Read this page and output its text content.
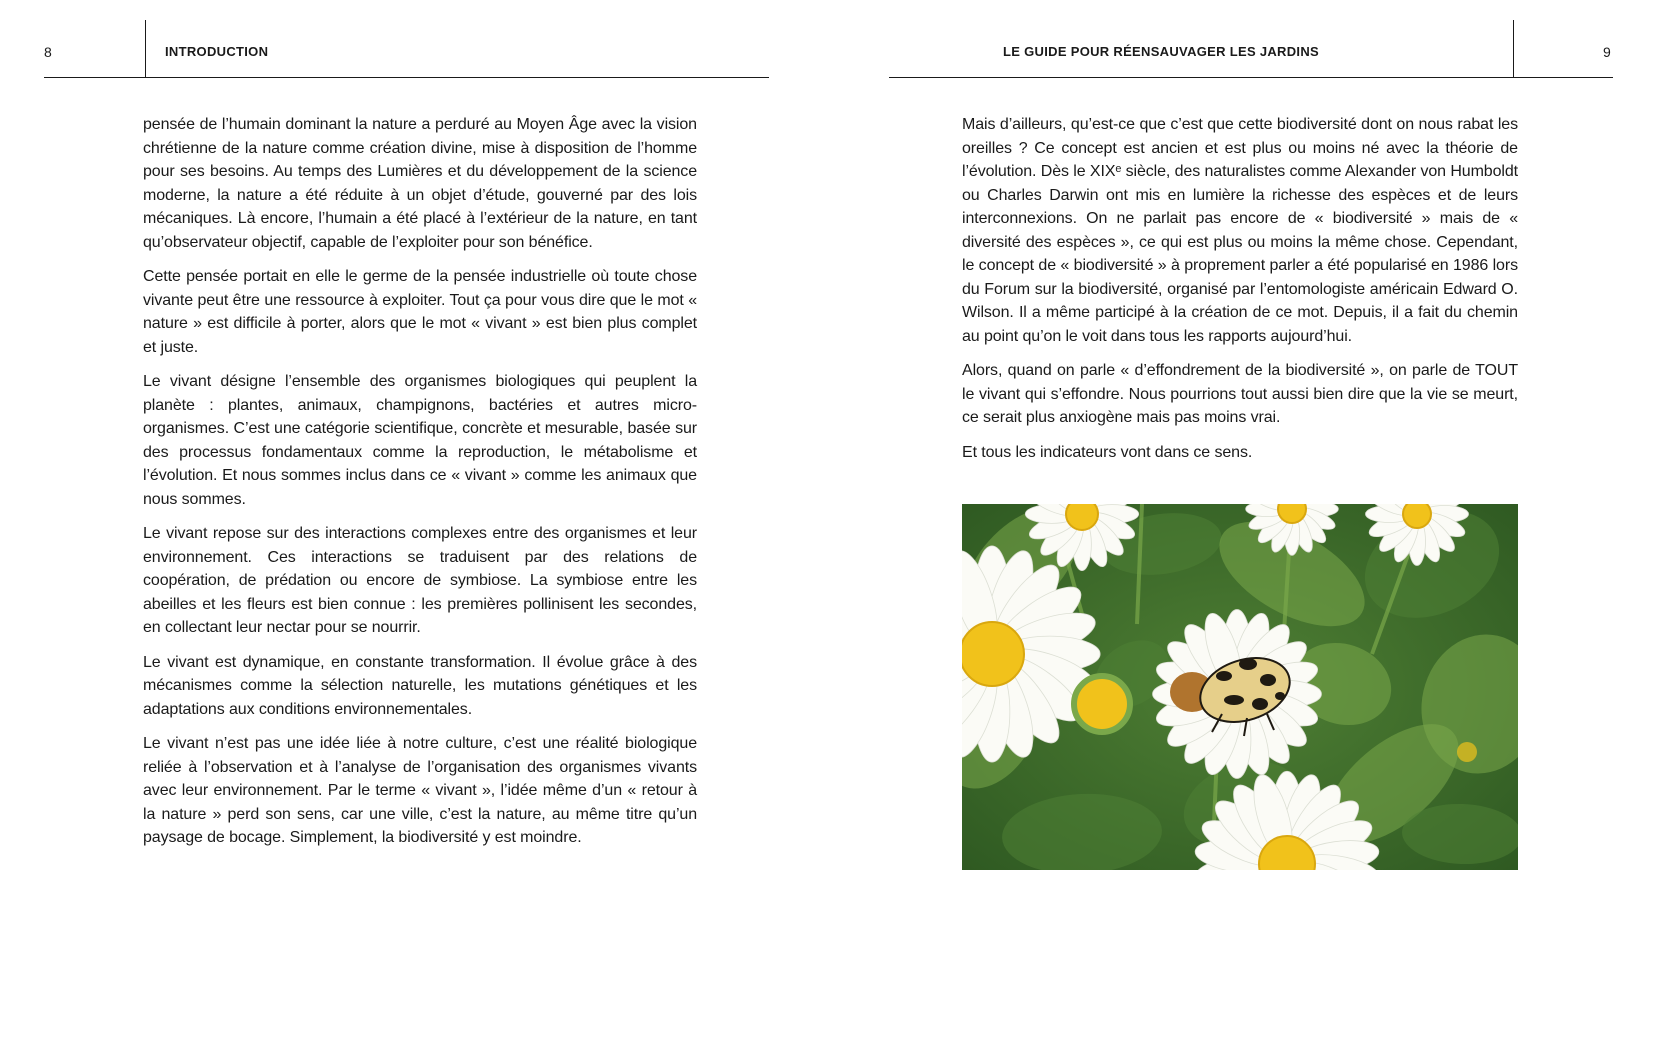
8	INTRODUCTION

pensée de l’humain dominant la nature a perduré au Moyen Âge avec la vision chrétienne de la nature comme création divine, mise à disposition de l’homme pour ses besoins. Au temps des Lumières et du développement de la science moderne, la nature a été réduite à un objet d’étude, gouverné par des lois mécaniques. Là encore, l’humain a été placé à l’extérieur de la nature, en tant qu’observateur objectif, capable de l’exploiter pour son bénéfice.

Cette pensée portait en elle le germe de la pensée industrielle où toute chose vivante peut être une ressource à exploiter. Tout ça pour vous dire que le mot « nature » est difficile à porter, alors que le mot « vivant » est bien plus complet et juste.

Le vivant désigne l’ensemble des organismes biologiques qui peuplent la planète : plantes, animaux, champignons, bactéries et autres micro-organismes. C’est une catégorie scientifique, concrète et mesurable, basée sur des processus fondamentaux comme la reproduction, le métabolisme et l’évolution. Et nous sommes inclus dans ce « vivant » comme les animaux que nous sommes.

Le vivant repose sur des interactions complexes entre des organismes et leur environnement. Ces interactions se traduisent par des relations de coopération, de prédation ou encore de symbiose. La symbiose entre les abeilles et les fleurs est bien connue : les premières pollinisent les secondes, en collectant leur nectar pour se nourrir.

Le vivant est dynamique, en constante transformation. Il évolue grâce à des mécanismes comme la sélection naturelle, les mutations génétiques et les adaptations aux conditions environnementales.

Le vivant n’est pas une idée liée à notre culture, c’est une réalité biologique reliée à l’observation et à l’analyse de l’organisation des organismes vivants avec leur environnement. Par le terme « vivant », l’idée même d’un « retour à la nature » perd son sens, car une ville, c’est la nature, au même titre qu’un paysage de bocage. Simplement, la biodiversité y est moindre.

LE GUIDE POUR RÉENSAUVAGER LES JARDINS	9

Mais d’ailleurs, qu’est-ce que c’est que cette biodiversité dont on nous rabat les oreilles ? Ce concept est ancien et est plus ou moins né avec la théorie de l’évolution. Dès le XIXᵉ siècle, des naturalistes comme Alexander von Humboldt ou Charles Darwin ont mis en lumière la richesse des espèces et de leurs interconnexions. On ne parlait pas encore de « biodiversité » mais de « diversité des espèces », ce qui est plus ou moins la même chose. Cependant, le concept de « biodiversité » à proprement parler a été popularisé en 1986 lors du Forum sur la biodiversité, organisé par l’entomologiste américain Edward O. Wilson. Il a même participé à la création de ce mot. Depuis, il a fait du chemin au point qu’on le voit dans tous les rapports aujourd’hui.

Alors, quand on parle « d’effondrement de la biodiversité », on parle de TOUT le vivant qui s’effondre. Nous pourrions tout aussi bien dire que la vie se meurt, ce serait plus anxiogène mais pas moins vrai.

Et tous les indicateurs vont dans ce sens.
